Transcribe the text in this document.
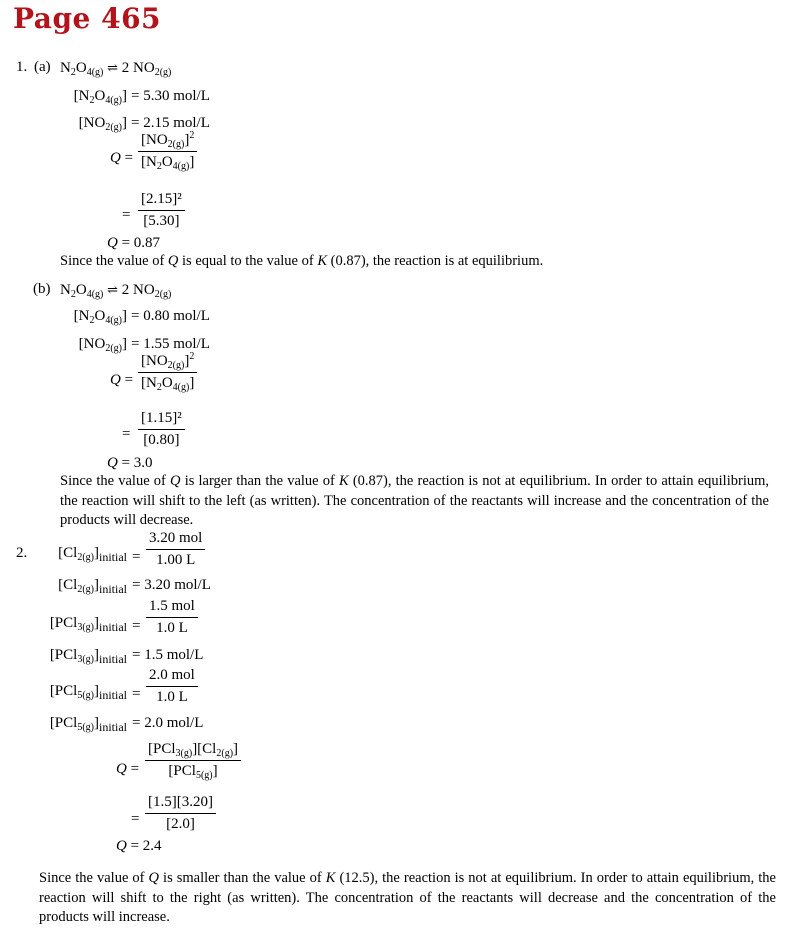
Page 465
1. (a) $N_2O_{4(g)}$ ⇌ 2 $NO_{2(g)}$
$[N_2O_{4(g)}] = 5.30$ mol/L
$[NO_{2(g)}] = 2.15$ mol/L
$Q = \frac{[NO_{2(g)}]^2}{[N_2O_{4(g)}]}$
= $\frac{\text{[2.15]²}}{[5.30]}$
Q = 0.87
Since the value of Q is equal to the value of K (0.87), the reaction is at equilibrium.
(b) $N_2O_{4(g)}$ ⇌ 2 $NO_{2(g)}$
$[N_2O_{4(g)}] = 0.80$ mol/L
$[NO_{2(g)}] = 1.55$ mol/L
$Q = \frac{[NO_{2(g)}]^2}{[N_2O_{4(g)}]}$
= $\frac{\text{[1.15]²}}{[0.80]}$
Q = 3.0
Since the value of Q is larger than the value of K (0.87), the reaction is not at equilibrium. In order to attain equilibrium, the reaction will shift to the left (as written). The concentration of the reactants will increase and the concentration of the products will decrease.
2. $[Cl_{2(g)}]_{initial}$ =
3.20 mol
1.00 L
$[Cl_{2(g)}]_{initial} = 3.20$ mol/L
$[PCl_{3(g)}]_{initial}$ =
1.5 mol
1.0 L
$[PCl_{3(g)}]_{initial} = 1.5$ mol/L
$[PCl_{5(g)}]_{initial}$ =
2.0 mol
1.0 L
$[PCl_{5(g)}]_{initial} = 2.0$ mol/L
Q =
$[PCl_{3(g)}][Cl_{2(g)}]$
[PCl$_{5(g)}$]
= $\frac{[1.5][3.20]}{[2.0]}$
Q = 2.4
Since the value of Q is smaller than the value of K (12.5), the reaction is not at equilibrium. In order to attain equilibrium, the reaction will shift to the right (as written). The concentration of the reactants will decrease and the concentration of the products will increase.
